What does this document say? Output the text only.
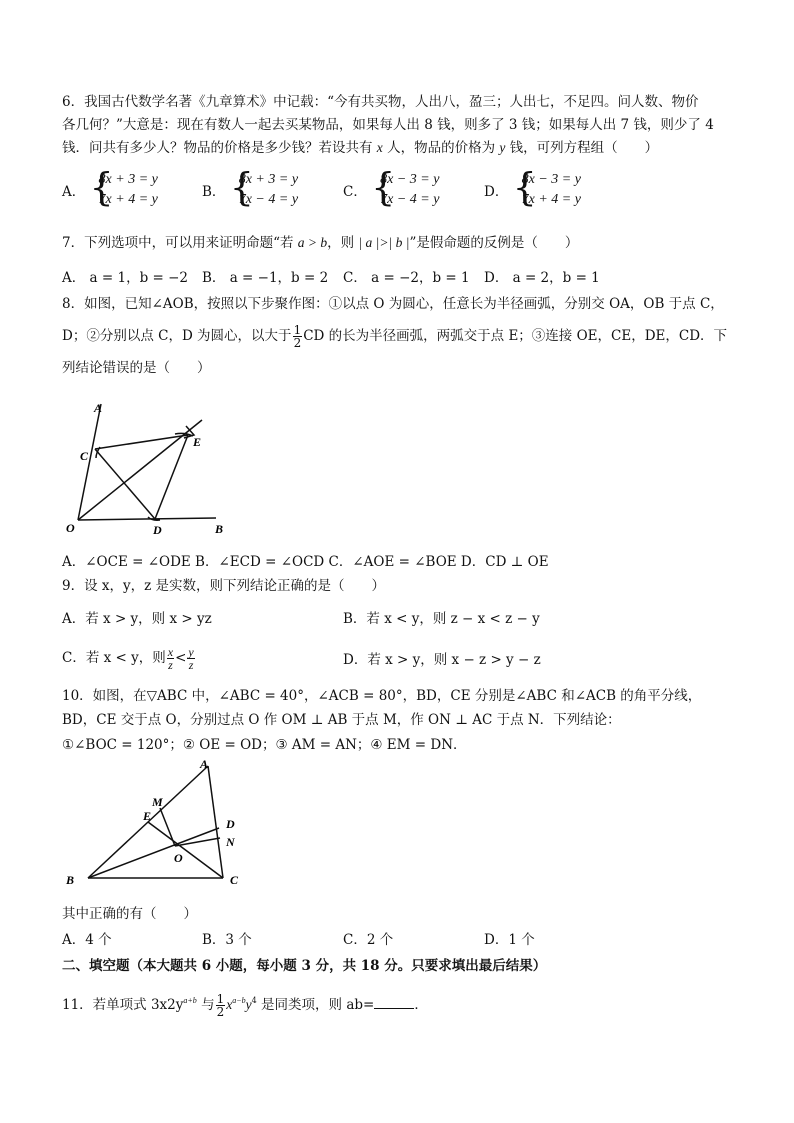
6．我国古代数学名著《九章算术》中记载：“今有共买物，人出八，盈三；人出七，不足四。问人数、物价
各几何？”大意是：现在有数人一起去买某物品，如果每人出 8 钱，则多了 3 钱；如果每人出 7 钱，则少了 4
钱．问共有多少人？物品的价格是多少钱？若设共有 x 人，物品的价格为 y 钱，可列方程组（　　）
A． {
8x + 3 = y
7x + 4 = y	B． {
8x + 3 = y
7x − 4 = y	C． {
8x − 3 = y
7x − 4 = y	D． {
8x − 3 = y
7x + 4 = y
7．下列选项中，可以用来证明命题“若 a > b，则 | a |>| b |”是假命题的反例是（　　）
A． a = 1，b = −2 B． a = −1，b = 2 C． a = −2，b = 1 D． a = 2，b = 1
8．如图，已知∠AOB，按照以下步聚作图：①以点 O 为圆心，任意长为半径画弧，分别交 OA，OB 于点 C，
D；②分别以点 C，D 为圆心，以大于 $\frac{1}{2}$ CD 的长为半径画弧，两弧交于点 E；③连接 OE，CE，DE，CD．下
列结论错误的是（　　）
A
C
E
O	D	B
A．∠OCE = ∠ODE B．∠ECD = ∠OCD C．∠AOE = ∠BOE D．CD ⊥ OE
9．设 x，y，z 是实数，则下列结论正确的是（　　）
A．若 x > y，则 x > yz	B．若 x < y，则 z − x < z − y
C．若 x < y，则 $\frac{x}{z} < \frac{y}{z}$	D．若 x > y，则 x − z > y − z
10．如图，在▽ABC 中，∠ABC = 40°，∠ACB = 80°，BD，CE 分别是∠ABC 和∠ACB 的角平分线，
BD，CE 交于点 O，分别过点 O 作 OM ⊥ AB 于点 M，作 ON ⊥ AC 于点 N．下列结论：
①∠BOC = 120°；② OE = OD；③ AM = AN；④ EM = DN．
A
M
E
D
N
O
B	C
其中正确的有（　　）
A．4 个	B．3 个	C．2 个	D．1 个
二、填空题（本大题共 6 小题，每小题 3 分，共 18 分。只要求填出最后结果）
11．若单项式 $3x2y^{a+b}$ 与 $\frac{1}{2} x^{a-b}y^4$ 是同类项，则 ab=	．
